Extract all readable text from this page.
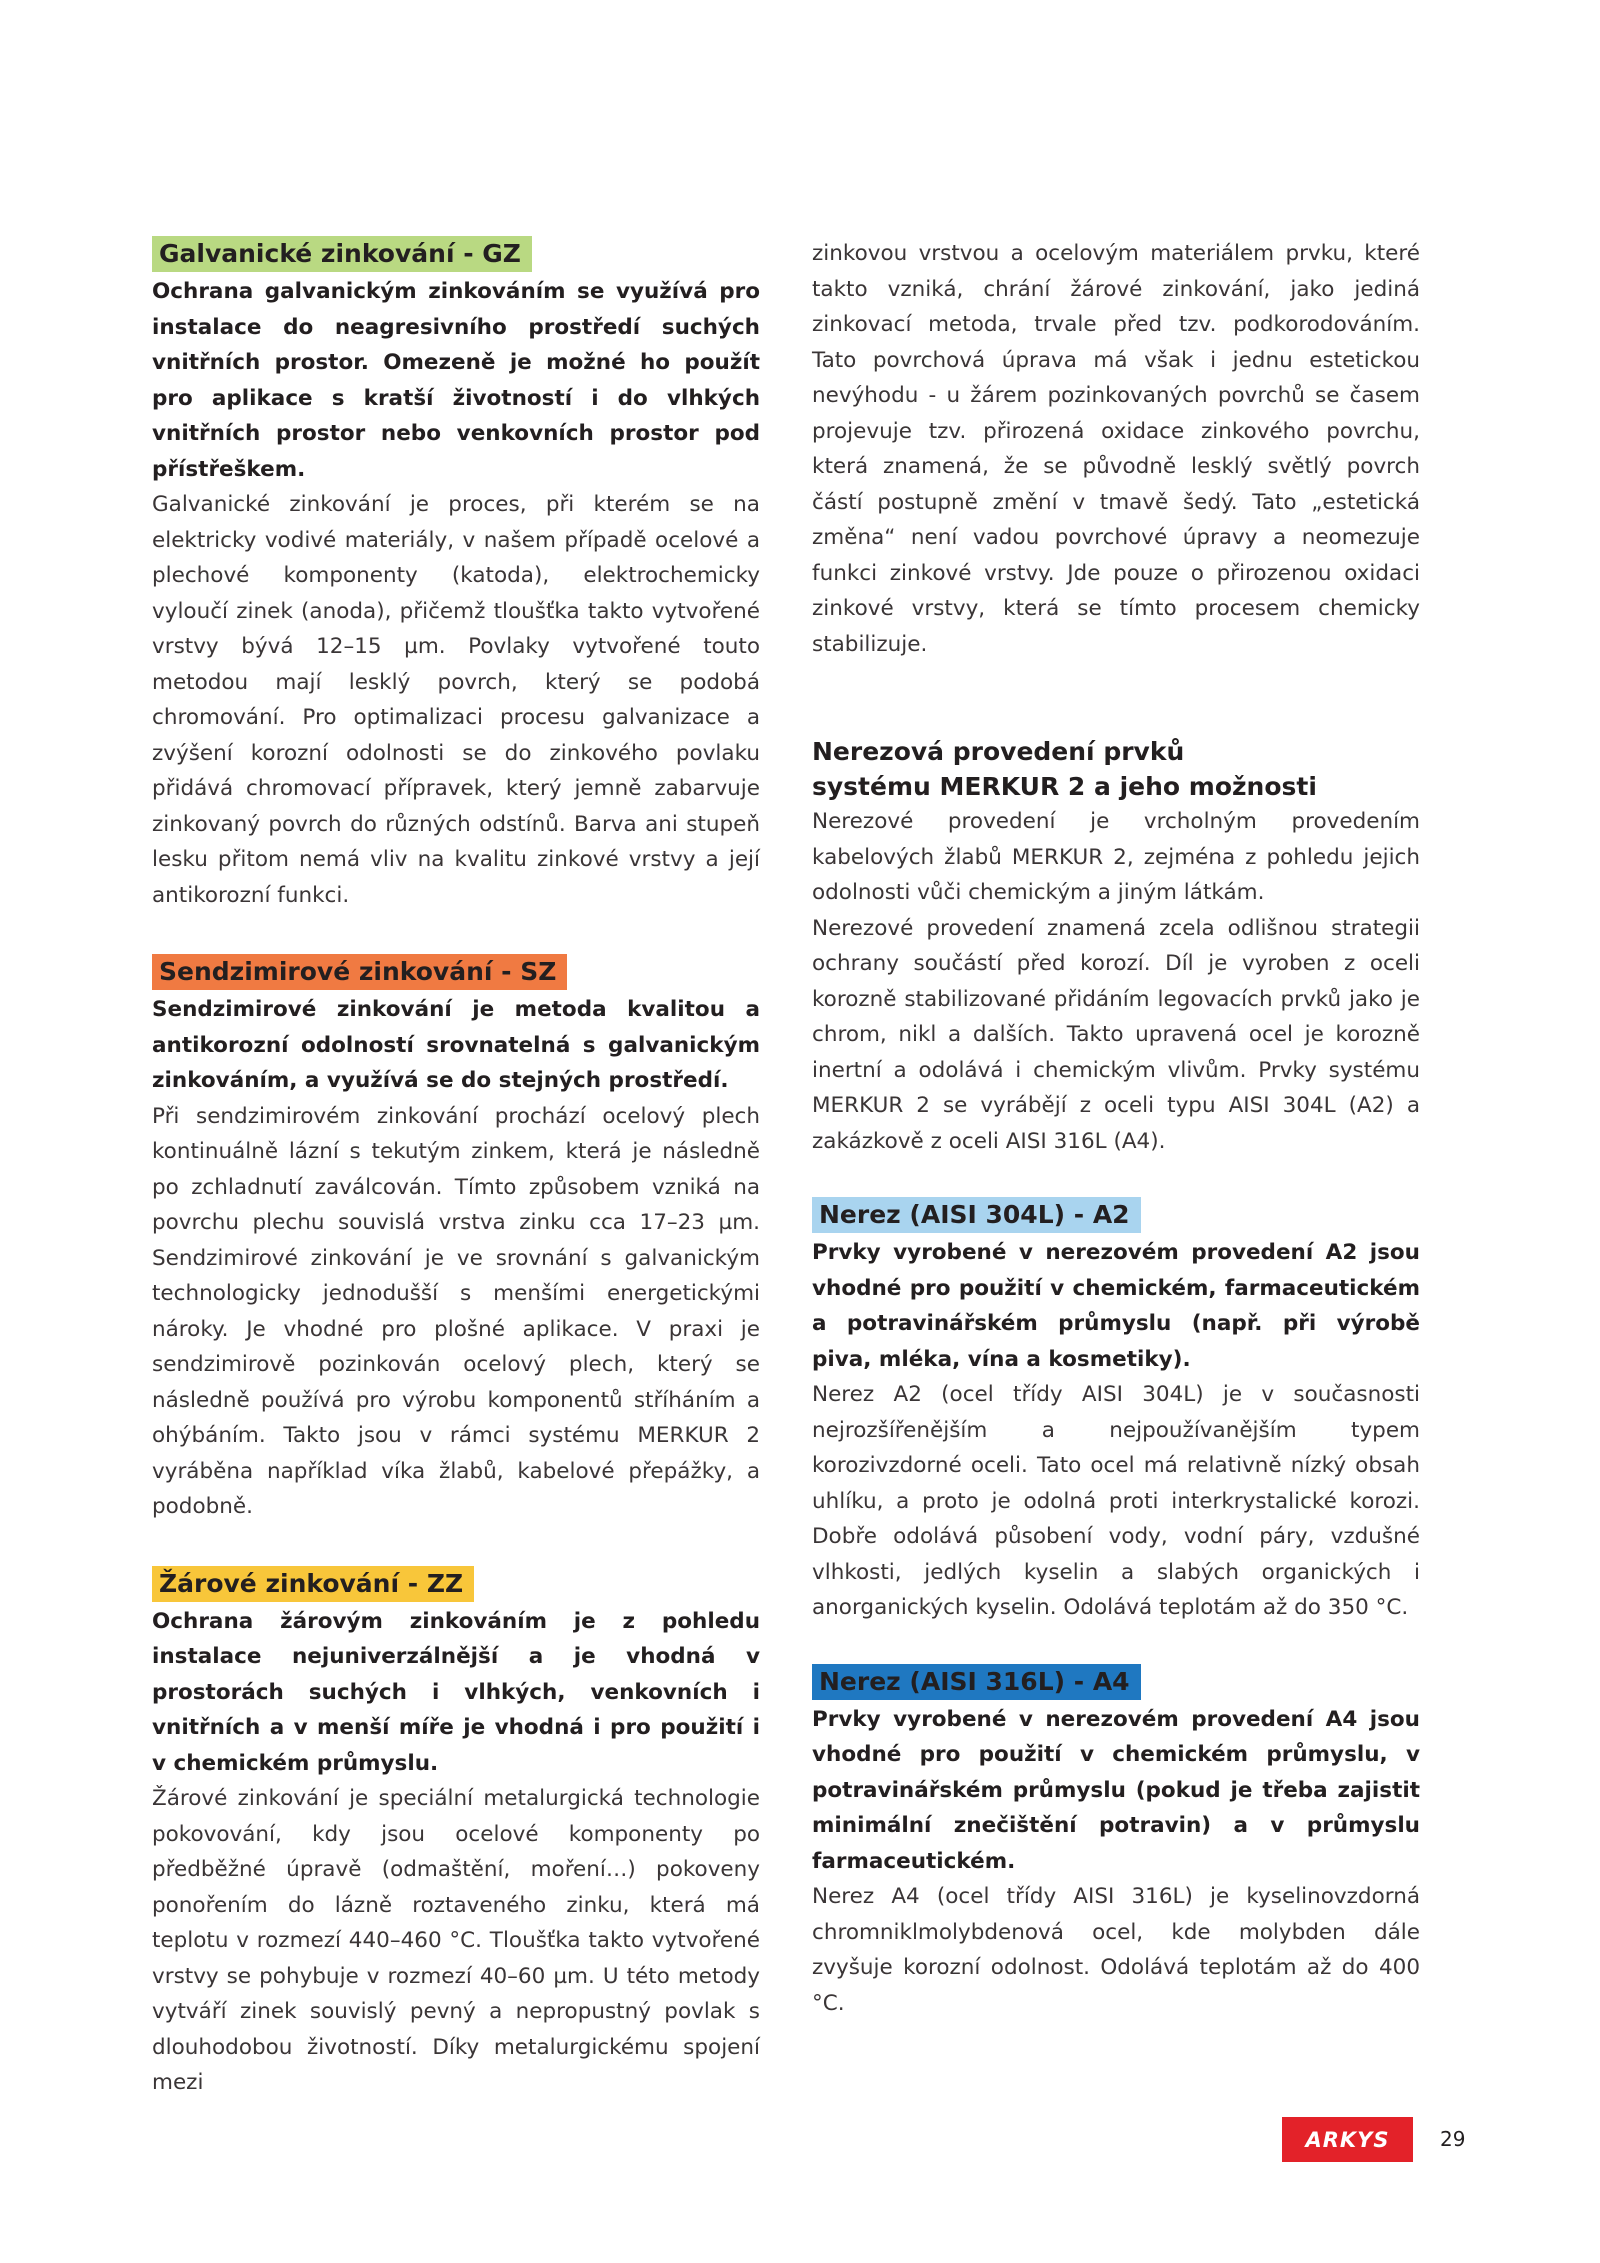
Galvanické zinkování - GZ

Ochrana galvanickým zinkováním se využívá pro instalace do neagresivního prostředí suchých vnitřních prostor. Omezeně je možné ho použít pro aplikace s kratší životností i do vlhkých vnitřních prostor nebo venkovních prostor pod přístřeškem.

Galvanické zinkování je proces, při kterém se na elektricky vodivé materiály, v našem případě ocelové a plechové komponenty (katoda), elektrochemicky vyloučí zinek (anoda), přičemž tloušťka takto vytvořené vrstvy bývá 12–15 µm. Povlaky vytvořené touto metodou mají lesklý povrch, který se podobá chromování. Pro optimalizaci procesu galvanizace a zvýšení korozní odolnosti se do zinkového povlaku přidává chromovací přípravek, který jemně zabarvuje zinkovaný povrch do různých odstínů. Barva ani stupeň lesku přitom nemá vliv na kvalitu zinkové vrstvy a její antikorozní funkci.

Sendzimirové zinkování - SZ

Sendzimirové zinkování je metoda kvalitou a antikorozní odolností srovnatelná s galvanickým zinkováním, a využívá se do stejných prostředí.

Při sendzimirovém zinkování prochází ocelový plech kontinuálně lázní s tekutým zinkem, která je následně po zchladnutí zaválcován. Tímto způsobem vzniká na povrchu plechu souvislá vrstva zinku cca 17–23 µm. Sendzimirové zinkování je ve srovnání s galvanickým technologicky jednodušší s menšími energetickými nároky. Je vhodné pro plošné aplikace. V praxi je sendzimirově pozinkován ocelový plech, který se následně používá pro výrobu komponentů stříháním a ohýbáním. Takto jsou v rámci systému MERKUR 2 vyráběna například víka žlabů, kabelové přepážky, a podobně.

Žárové zinkování - ZZ

Ochrana žárovým zinkováním je z pohledu instalace nejuniverzálnější a je vhodná v prostorách suchých i vlhkých, venkovních i vnitřních a v menší míře je vhodná i pro použití i v chemickém průmyslu.

Žárové zinkování je speciální metalurgická technologie pokovování, kdy jsou ocelové komponenty po předběžné úpravě (odmaštění, moření…) pokoveny ponořením do lázně roztaveného zinku, která má teplotu v rozmezí 440–460 °C. Tloušťka takto vytvořené vrstvy se pohybuje v rozmezí 40–60 µm. U této metody vytváří zinek souvislý pevný a nepropustný povlak s dlouhodobou životností. Díky metalurgickému spojení mezi

zinkovou vrstvou a ocelovým materiálem prvku, které takto vzniká, chrání žárové zinkování, jako jediná zinkovací metoda, trvale před tzv. podkorodováním. Tato povrchová úprava má však i jednu estetickou nevýhodu - u žárem pozinkovaných povrchů se časem projevuje tzv. přirozená oxidace zinkového povrchu, která znamená, že se původně lesklý světlý povrch částí postupně změní v tmavě šedý. Tato „estetická změna“ není vadou povrchové úpravy a neomezuje funkci zinkové vrstvy. Jde pouze o přirozenou oxidaci zinkové vrstvy, která se tímto procesem chemicky stabilizuje.

Nerezová provedení prvků

systému MERKUR 2 a jeho možnosti

Nerezové provedení je vrcholným provedením kabelových žlabů MERKUR 2, zejména z pohledu jejich odolnosti vůči chemickým a jiným látkám.

Nerezové provedení znamená zcela odlišnou strategii ochrany součástí před korozí. Díl je vyroben z oceli korozně stabilizované přidáním legovacích prvků jako je chrom, nikl a dalších. Takto upravená ocel je korozně inertní a odolává i chemickým vlivům. Prvky systému MERKUR 2 se vyrábějí z oceli typu AISI 304L (A2) a zakázkově z oceli AISI 316L (A4).

Nerez (AISI 304L) - A2

Prvky vyrobené v nerezovém provedení A2 jsou vhodné pro použití v chemickém, farmaceutickém a potravinářském průmyslu (např. při výrobě piva, mléka, vína a kosmetiky).

Nerez A2 (ocel třídy AISI 304L) je v současnosti nejrozšířenějším a nejpoužívanějším typem korozivzdorné oceli. Tato ocel má relativně nízký obsah uhlíku, a proto je odolná proti interkrystalické korozi. Dobře odolává působení vody, vodní páry, vzdušné vlhkosti, jedlých kyselin a slabých organických i anorganických kyselin. Odolává teplotám až do 350 °C.

Nerez (AISI 316L) - A4

Prvky vyrobené v nerezovém provedení A4 jsou vhodné pro použití v chemickém průmyslu, v potravinářském průmyslu (pokud je třeba zajistit minimální znečištění potravin) a v průmyslu farmaceutickém.

Nerez A4 (ocel třídy AISI 316L) je kyselinovzdorná chromniklmolybdenová ocel, kde molybden dále zvyšuje korozní odolnost. Odolává teplotám až do 400 °C.

ARKYS	29
